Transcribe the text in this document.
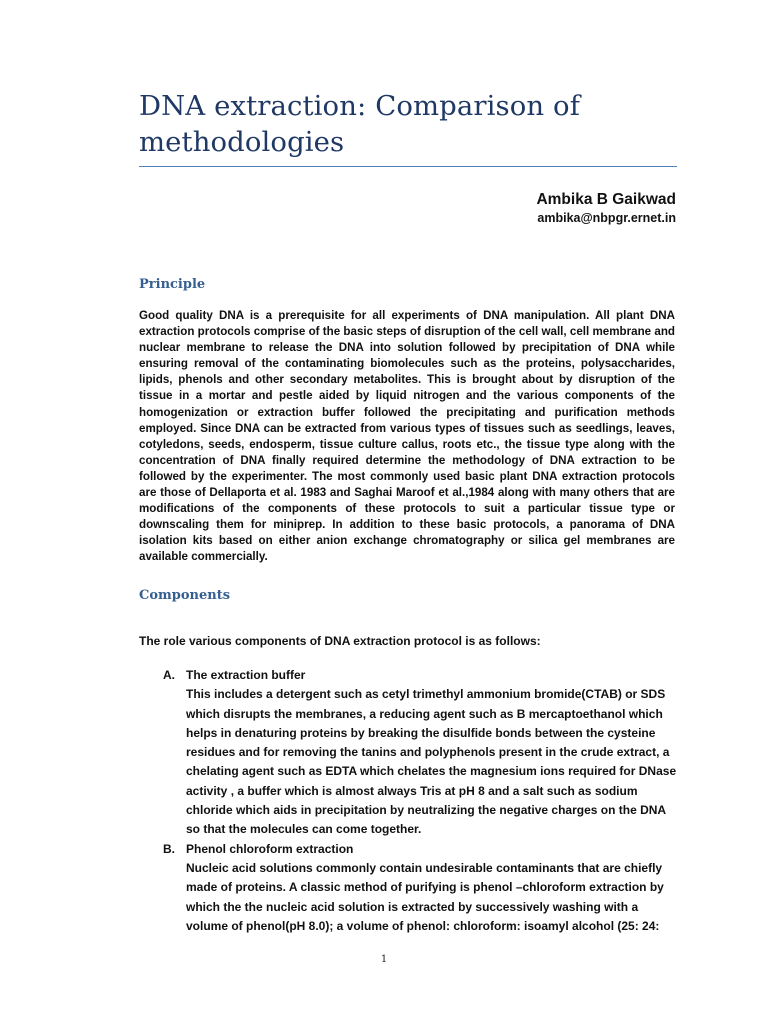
DNA extraction: Comparison of methodologies
Ambika B Gaikwad
ambika@nbpgr.ernet.in
Principle

Good quality DNA is a prerequisite for all experiments of DNA manipulation. All plant DNA extraction protocols comprise of the basic steps of disruption of the cell wall, cell membrane and nuclear membrane to release the DNA into solution followed by precipitation of DNA while ensuring removal of the contaminating biomolecules such as the proteins, polysaccharides, lipids, phenols and other secondary metabolites. This is brought about by disruption of the tissue in a mortar and pestle aided by liquid nitrogen and the various components of the homogenization or extraction buffer followed the precipitating and purification methods employed. Since DNA can be extracted from various types of tissues such as seedlings, leaves, cotyledons, seeds, endosperm, tissue culture callus, roots etc., the tissue type along with the concentration of DNA finally required determine the methodology of DNA extraction to be followed by the experimenter. The most commonly used basic plant DNA extraction protocols are those of Dellaporta et al. 1983 and Saghai Maroof et al.,1984 along with many others that are modifications of the components of these protocols to suit a particular tissue type or downscaling them for miniprep. In addition to these basic protocols, a panorama of DNA isolation kits based on either anion exchange chromatography or silica gel membranes are available commercially.

Components

The role various components of DNA extraction protocol is as follows:

A. The extraction buffer
This includes a detergent such as cetyl trimethyl ammonium bromide(CTAB) or SDS which disrupts the membranes, a reducing agent such as B mercaptoethanol which helps in denaturing proteins by breaking the disulfide bonds between the cysteine residues and for removing the tanins and polyphenols present in the crude extract, a chelating agent such as EDTA which chelates the magnesium ions required for DNase activity , a buffer which is almost always Tris at pH 8 and a salt such as sodium chloride which aids in precipitation by neutralizing the negative charges on the DNA so that the molecules can come together.
B. Phenol chloroform extraction
Nucleic acid solutions commonly contain undesirable contaminants that are chiefly made of proteins. A classic method of purifying is phenol –chloroform extraction by which the the nucleic acid solution is extracted by successively washing with a volume of phenol(pH 8.0); a volume of phenol: chloroform: isoamyl alcohol (25: 24:
1
